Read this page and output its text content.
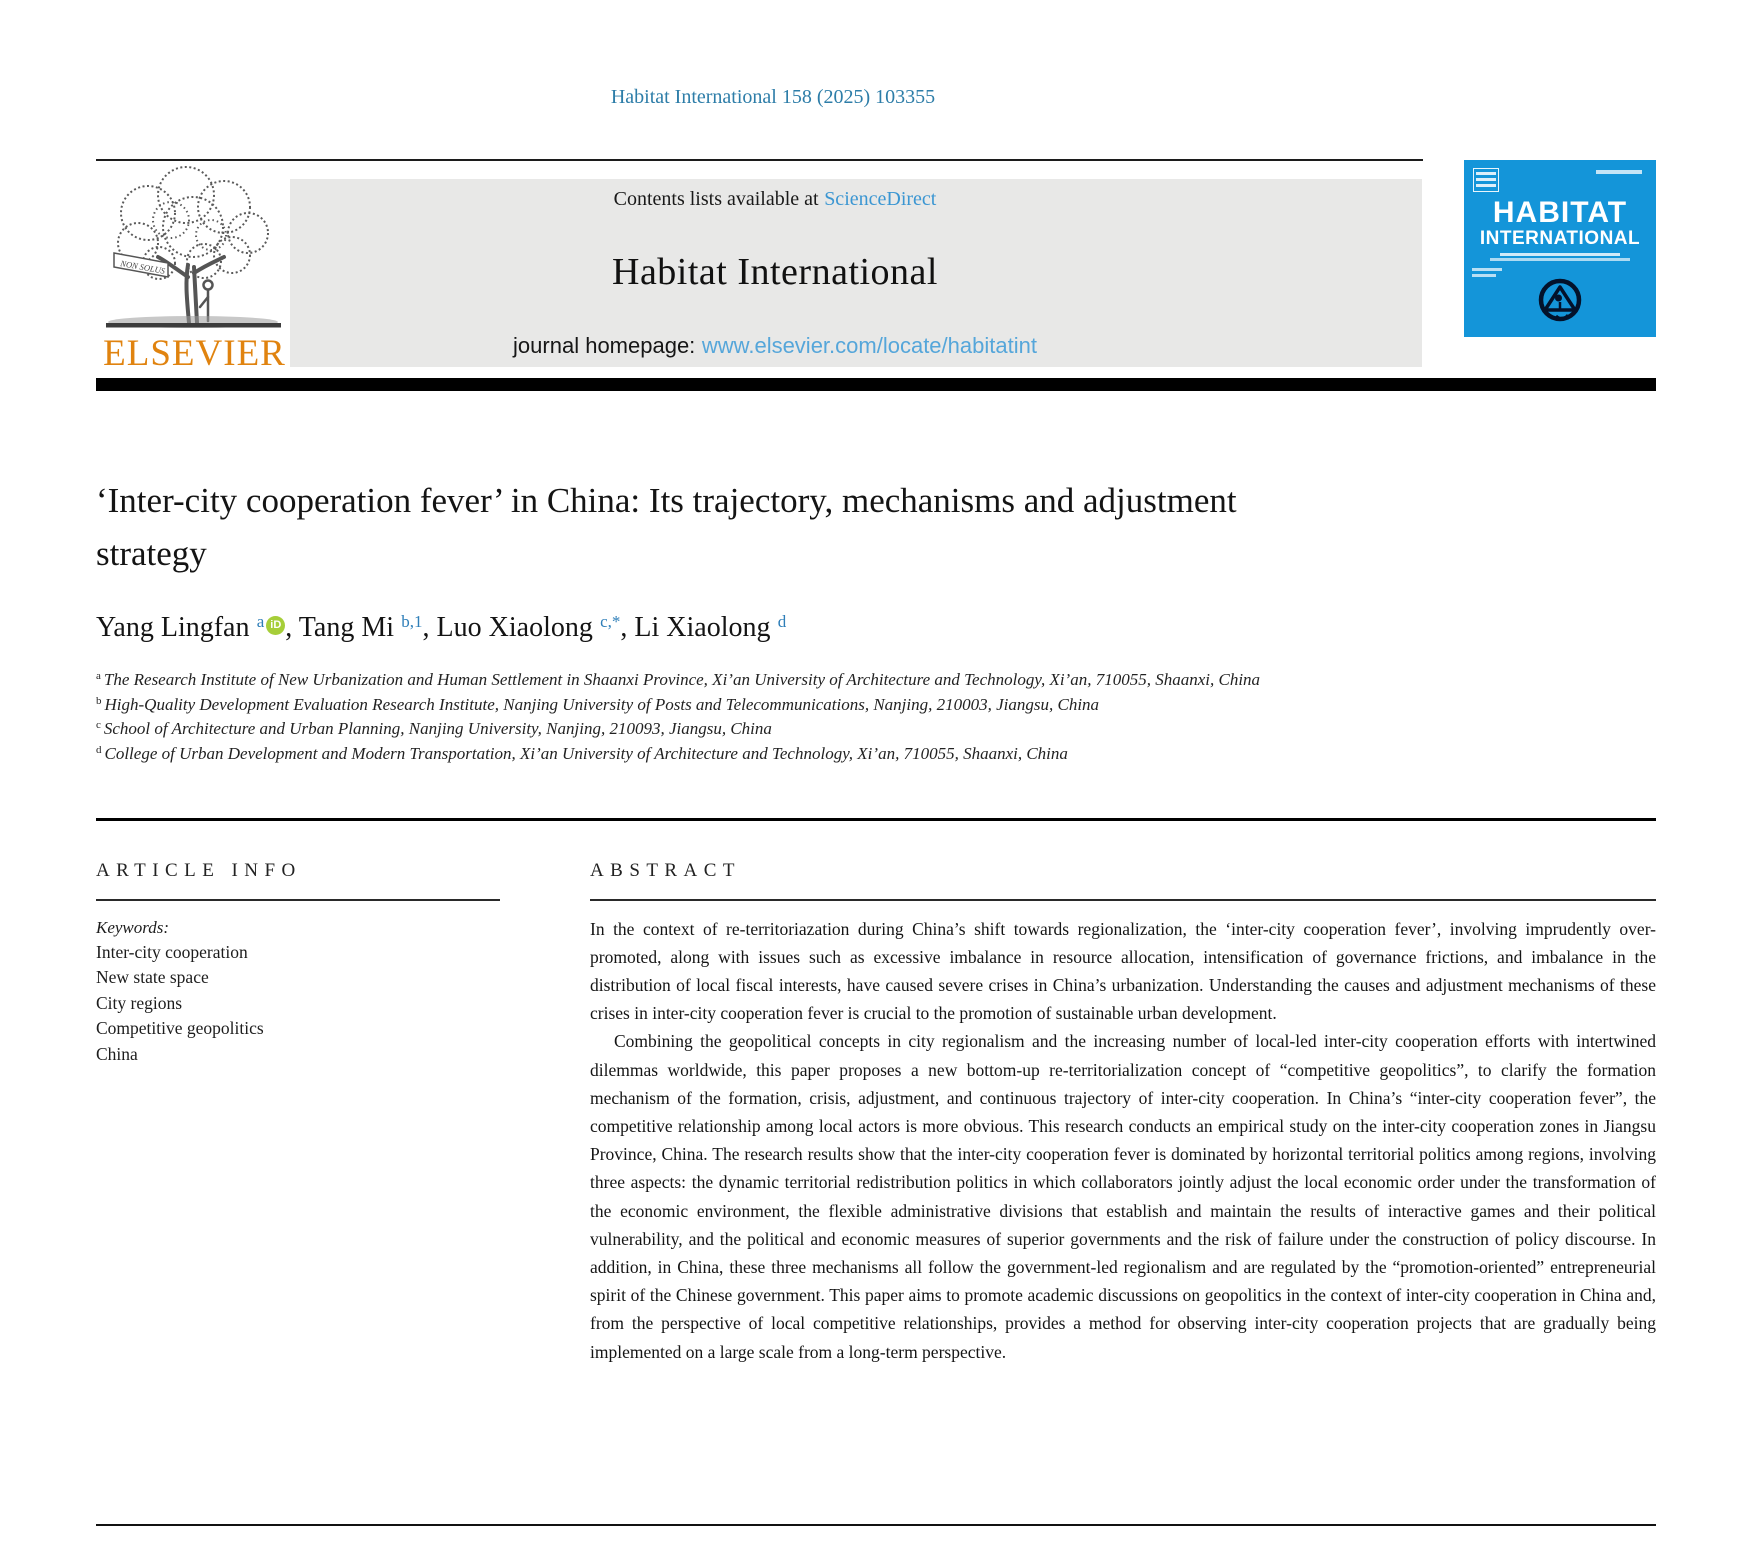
Habitat International 158 (2025) 103355
NON SOLUS
ELSEVIER
Contents lists available at ScienceDirect
Habitat International
journal homepage: www.elsevier.com/locate/habitatint
HABITAT
INTERNATIONAL
‘Inter-city cooperation fever’ in China: Its trajectory, mechanisms and adjustment strategy
Yang Lingfan $^a$ iD , Tang Mi $^{b,1}$, Luo Xiaolong $^{c,*}$, Li Xiaolong $^d$
$^a$ The Research Institute of New Urbanization and Human Settlement in Shaanxi Province, Xi’an University of Architecture and Technology, Xi’an, 710055, Shaanxi, China
$^b$ High-Quality Development Evaluation Research Institute, Nanjing University of Posts and Telecommunications, Nanjing, 210003, Jiangsu, China
$^c$ School of Architecture and Urban Planning, Nanjing University, Nanjing, 210093, Jiangsu, China
$^d$ College of Urban Development and Modern Transportation, Xi’an University of Architecture and Technology, Xi’an, 710055, Shaanxi, China
ARTICLE INFO
Keywords:
Inter-city cooperation
New state space
City regions
Competitive geopolitics
China
ABSTRACT

In the context of re-territoriazation during China’s shift towards regionalization, the ‘inter-city cooperation fever’, involving imprudently over-promoted, along with issues such as excessive imbalance in resource allocation, intensification of governance frictions, and imbalance in the distribution of local fiscal interests, have caused severe crises in China’s urbanization. Understanding the causes and adjustment mechanisms of these crises in inter-city cooperation fever is crucial to the promotion of sustainable urban development.

Combining the geopolitical concepts in city regionalism and the increasing number of local-led inter-city cooperation efforts with intertwined dilemmas worldwide, this paper proposes a new bottom-up re-territorialization concept of “competitive geopolitics”, to clarify the formation mechanism of the formation, crisis, adjustment, and continuous trajectory of inter-city cooperation. In China’s “inter-city cooperation fever”, the competitive relationship among local actors is more obvious. This research conducts an empirical study on the inter-city cooperation zones in Jiangsu Province, China. The research results show that the inter-city cooperation fever is dominated by horizontal territorial politics among regions, involving three aspects: the dynamic territorial redistribution politics in which collaborators jointly adjust the local economic order under the transformation of the economic environment, the flexible administrative divisions that establish and maintain the results of interactive games and their political vulnerability, and the political and economic measures of superior governments and the risk of failure under the construction of policy discourse. In addition, in China, these three mechanisms all follow the government-led regionalism and are regulated by the “promotion-oriented” entrepreneurial spirit of the Chinese government. This paper aims to promote academic discussions on geopolitics in the context of inter-city cooperation in China and, from the perspective of local competitive relationships, provides a method for observing inter-city cooperation projects that are gradually being implemented on a large scale from a long-term perspective.
